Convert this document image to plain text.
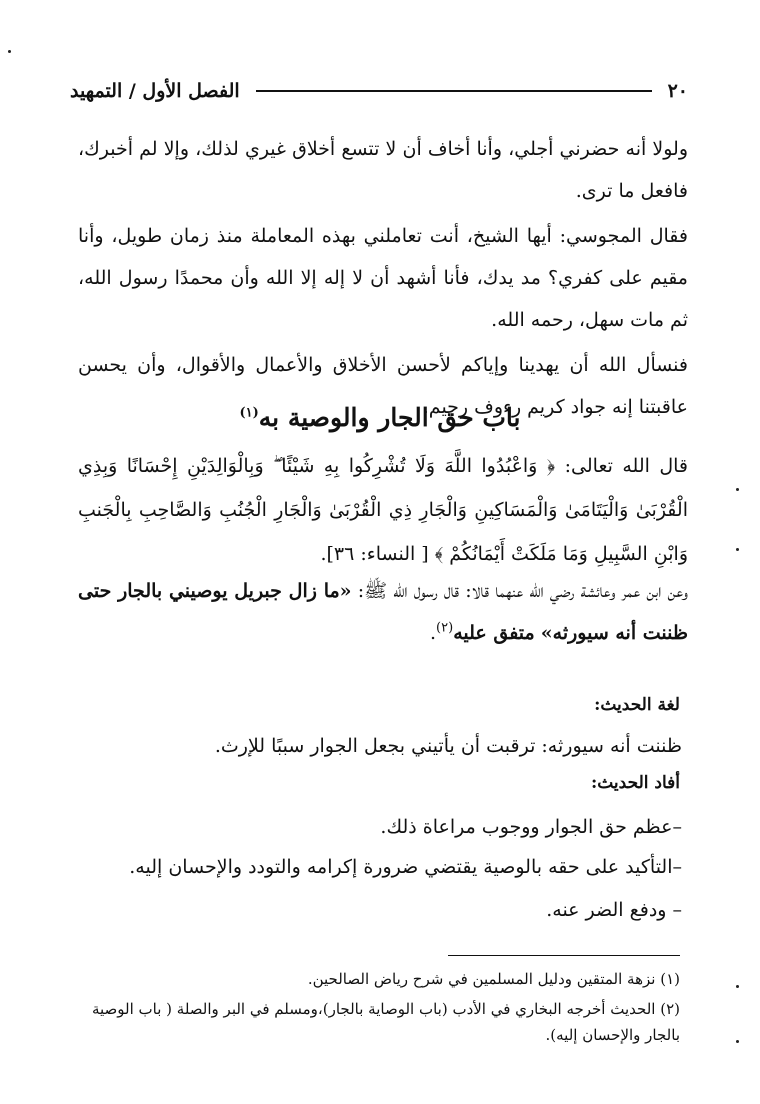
٢٠
الفصل الأول / التمهيد

ولولا أنه حضرني أجلي، وأنا أخاف أن لا تتسع أخلاق غيري لذلك، وإلا لم أخبرك، فافعل ما ترى.

فقال المجوسي: أيها الشيخ، أنت تعاملني بهذه المعاملة منذ زمان طويل، وأنا مقيم على كفري؟ مد يدك، فأنا أشهد أن لا إله إلا الله وأن محمدًا رسول الله، ثم مات سهل، رحمه الله.

فنسأل الله أن يهدينا وإياكم لأحسن الأخلاق والأعمال والأقوال، وأن يحسن عاقبتنا إنه جواد كريم رءوف رحيم.

باب حق الجار والوصية به$^{(١)}$
قال الله تعالى: ﴿ وَاعْبُدُوا اللَّهَ وَلَا تُشْرِكُوا بِهِ شَيْئًا ۖ وَبِالْوَالِدَيْنِ إِحْسَانًا وَبِذِي الْقُرْبَىٰ وَالْيَتَامَىٰ وَالْمَسَاكِينِ وَالْجَارِ ذِي الْقُرْبَىٰ وَالْجَارِ الْجُنُبِ وَالصَّاحِبِ بِالْجَنبِ وَابْنِ السَّبِيلِ وَمَا مَلَكَتْ أَيْمَانُكُمْ ﴾ [ النساء: ٣٦].

وعن ابن عمر وعائشة رضي الله عنهما قالا: قال رسول الله ﷺ: «ما زال جبريل يوصيني بالجار حتى ظننت أنه سيورثه» متفق عليه$^{(٢)}$.

لغة الحديث:
ظننت أنه سيورثه: ترقبت أن يأتيني بجعل الجوار سببًا للإرث.
أفاد الحديث:
–عظم حق الجوار ووجوب مراعاة ذلك.
–التأكيد على حقه بالوصية يقتضي ضرورة إكرامه والتودد والإحسان إليه.
– ودفع الضر عنه.

(١) نزهة المتقين ودليل المسلمين في شرح رياض الصالحين.

(٢) الحديث أخرجه البخاري في الأدب (باب الوصاية بالجار)،ومسلم في البر والصلة ( باب الوصية بالجار والإحسان إليه).
